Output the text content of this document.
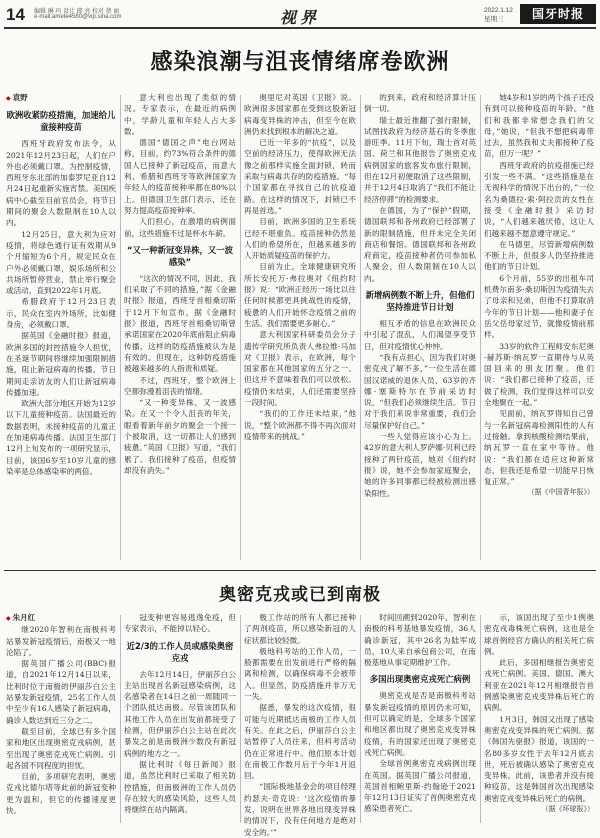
14 编辑 琳 玛 设计 郎 亮 校对 蔡 丽
e-mail:amete4580@vip.sina.com	视界	2022.1.12
星期三	国牙时报
感染浪潮与沮丧情绪席卷欧洲

◆ 袁野

欧洲收紧防疫措施，加速给儿童接种疫苗

西班牙政府发布法令，从2021年12月23日起，人们在户外也必须戴口罩。为控制疫情，西班牙东北部的加泰罗尼亚自12月24日起重新实施宵禁。美国疾病中心截至目前官员会，将节日期间的聚会人数限制在10人以内。

12月25日，意大利为应对疫情，将绿色通行证有效期从9个月缩短为6个月，规定民众在户外必须戴口罩，娱乐场所和公共场所暂停营业，禁止举行聚会或活动，直到2022年1月底。

希腊政府于12月23日表示，民众在室内外场所，比如健身房，必须戴口罩。

据英国《金融时报》报道，欧洲多国的封控措施令人担忧，在圣诞节期间将继续加强限制措施，阻止新冠病毒的传播。节日期间走亲访友的人们让新冠病毒传播加速。

欧洲大部分地区开始为12岁以下儿童接种疫苗。法国最近的数据表明，未接种疫苗的儿童正在加速病毒传播。法国卫生部门12月上旬发布的一项研究显示，目前，该国6岁至10岁儿童的感染率是总体感染率的两倍。

意大利也出现了类似的情况。专家表示，在最近的病例中，学龄儿童和年轻人占大多数。

德国“德国之声”电台网站称，目前，约73%符合条件的德国人已接种了新冠疫苗，而意大利、希腊和西班牙等欧洲国家为年轻人的疫苗接种率都在80%以上。但德国卫生部门表示，还在努力提高疫苗接种率。

人们担心，在激增的病例面前，这些措施不过是杯水车薪。

“又一种新冠变异株，又一波感染”

“这次的情况不同，因此，我们采取了不同的措施，”据《金融时报》报道，西班牙首相桑切斯于12月下旬宣布，据《金融时报》报道，西班牙首相桑切斯曾承诺国家在2020年底前阻止病毒传播，这样的防疫措施被认为是有效的。但现在，这种防疫措施被越来越多的人指责和质疑。

不过，西班牙，整个欧洲上空都弥漫着沮丧的情绪。

“又一种变异株，又一波感染。在又一个令人沮丧的年关，眼看着新年前夕的聚会一个接一个被取消，这一切都让人们感到疲惫。”英国《卫报》写道，“我们累了。我们接种了疫苗，但疫情却没有消失。”

奥里尼对英国《卫报》说。欧洲很多国家都在受到这股新冠病毒变异株的冲击，但至今在欧洲仍未找到根本的解决之道。

已近一年多的“抗疫”，以及空前的经济压力，使得欧洲无法像之前那样实施全面封锁，转而采取与病毒共存的防疫措施。“每个国家都在寻找自己的抗疫道路。在这样的情况下，封锁已不再是首选。”

目前，欧洲多国的卫生系统已经不堪重负。疫苗接种仍然是人们的希望所在，但越来越多的人开始质疑疫苗的保护力。

目前为止，全球健康研究所所长安托万·弗拉奥对《纽约时报》说：“欧洲正经历一场比以往任何时候都更具挑战性的疫情，疲惫的人们开始怀念疫情之前的生活。我们需要更多耐心。”

意大利国家科研委员会分子遗传学研究所负责人弗拉维·马加对《卫报》表示，在欧洲，每个国家都在其他国家的五分之一、但这并不意味着我们可以放松。疫情仍未结束，人们还需要坚持一段时间。

“我们的工作还未结束，”他说，“整个欧洲都不得不再次面对疫情带来的挑战。”

的到来，政府和经济算计压倒一切。

瑞士最近推翻了强行限制，试图找政府为经济基石的冬季旅游旺季。11月下旬，瑞士首对英国、荷兰和其他报告了奥密克戎病例国家的旅客发布旅行限制，但在12月初便取消了这些限制，并于12月4日取消了“我们不能让经济停滞”的检测要求。

在德国，为了“保护”假期，德国联邦和各州政府已经部署了新的限制措施，但并未完全关闭商店和餐馆。德国联邦和各州政府商定，疫苗接种者仍可参加私人聚会，但人数限制在10人以内。

新增病例数不断上升，但他们坚持推进节日计划

相互矛盾的信息在欧洲民众中引起了混乱，人们渴望享受节日，但对疫情忧心忡忡。

“我有点担心，因为我们对奥密克戎了解不多，”一位生活在德国汉诺威的退休人员、63岁的齐娜·塞斯特尔在节前采访时说，“但我们必须继续生活。节日对于我们来说非常重要，我们会尽量保护好自己。”

一些人觉得应该小心为上。42岁的意大利人罗萨娜·贝利已经接种了两针疫苗，她对《纽约时报》说，她不会参加家庭聚会，她的许多同事都已经被检测出感染阳性。

她4岁和1岁的两个孩子还没有到可以接种疫苗的年龄。“他们和我都非常想念我们的父母，”她说，“但我不想把病毒带过去，虽然我和丈夫都接种了疫苗，但万一呢？”

西班牙政府的抗疫措施已经引发一些不满。“这些措施是在无视科学的情况下出台的，”一位名为桑德拉·索·阿拉贡的女性在接受《金融时报》采访时说，“人们越来越厌倦，这让人们越来越不愿意遵守规定。”

在马德里，尽管新增病例数不断上升，但很多人仍坚持推进他们的节日计划。

6个月前，55岁的出租车司机费尔南多·桑切斯因为疫情失去了母亲和兄弟，但他不打算取消今年的节日计划——他和妻子在岳父岳母家过节，就像疫情前那样。

33岁的软件工程师安东尼奥·赫苏斯·纳瓦罗一直期待与从英国回来的朋友团聚。他们说：“我们都已接种了疫苗，还做了检测，我们觉得这样可以安全地聚在一起。”

见面前，纳瓦罗得知自己曾与一名新冠病毒检测阳性的人有过接触。拿到核酸检测结果前，纳瓦罗一直在家中等待。他说：“我们都在适应这种新常态，但我还是希望一切能早日恢复正常。”

（据《中国青年报》）

奥密克戎或已到南极

◆ 朱月红

继2020年智利在南极科考站暴发新冠疫情后，南极又一地沦陷了。

据英国广播公司(BBC)报道，自2021年12月14日以来，比利时位于南极的伊丽莎白公主站暴发新冠疫情，25名工作人员中至少有16人感染了新冠病毒，确诊人数达到近三分之二。

截至目前，全球已有多个国家和地区出现奥密克戎病例，甚至出现了奥密克戎死亡病例。引起各国不同程度的担忧。

目前，多项研究表明，奥密克戎比德尔塔等此前的新冠变种更为温和，但它的传播速度更快。

冠变种更容易逃逸免疫，但专家表示，不能掉以轻心。

近2/3的工作人员或感染奥密克戎

去年12月14日，伊丽莎白公主站出现首名新冠感染病例，这名感染者在14日之前一周随同一个团队抵达南极。尽管该团队和其他工作人员在出发前都接受了检测，但伊丽莎白公主站在此次暴发之前是南极洲少数没有新冠病例的地方之一。

据比利时《每日新闻》报道，虽然比利时已采取了相关防控措施，但南极洲的工作人员仍存在较大的感染风险，这些人员将继续在站内隔离。

极工作站的所有人都已接种了两剂疫苗，所以感染新冠的人症状都比较轻微。

极地科考站的工作人员，一般都需要在出发前进行严格的隔离和检测，以确保病毒不会被带入。但显然，防疫措施并非万无一失。

据悉，暴发的这次疫情，很可能与近期抵达南极的工作人员有关。在此之后，伊丽莎白公主站暂停了人员往来，但科考活动仍在正常进行中。他们原本计划在南极工作数月后于今年1月返回。

“国际极地基金会的项目经理约瑟夫·奇克说：‘这次疫情的暴发，说明在世界各地出现变异株的情况下，没有任何地方是绝对安全的。’”

时间回溯到2020年，智利在南极的科考基地暴发疫情，36人确诊新冠，其中26名为陆军成员，10人来自承包商公司，在南极基地从事定期维护工作。

多国出现奥密克戎死亡病例

奥密克戎是否是南极科考站暴发新冠疫情的原因仍未可知，但可以确定的是，全球多个国家和地区都出现了奥密克戎变异株疫情，有的国家还出现了奥密克戎死亡病例。

全球首例奥密克戎病例出现在英国。据英国广播公司报道，英国首相鲍里斯·约翰逊于2021年12月13日证实了首例奥密克戎感染患者死亡。

示，该国出现了至少1例奥密克戎毒株死亡病例，这也是全球首例经官方确认的相关死亡病例。

此后，多国相继报告奥密克戎死亡病例。美国、德国、澳大利亚在2021年12月相继报告首例感染奥密克戎变异株后死亡的病例。

1月3日，韩国又出现了感染奥密克戎变异株的死亡病例。据《韩国先驱报》报道，该国的一名80多岁女性于去年12月底去世，死后被确认感染了奥密克戎变异株。此前，该患者并没有接种疫苗，这是韩国首次出现感染奥密克戎变异株后死亡的病例。

（据《环球报》）
